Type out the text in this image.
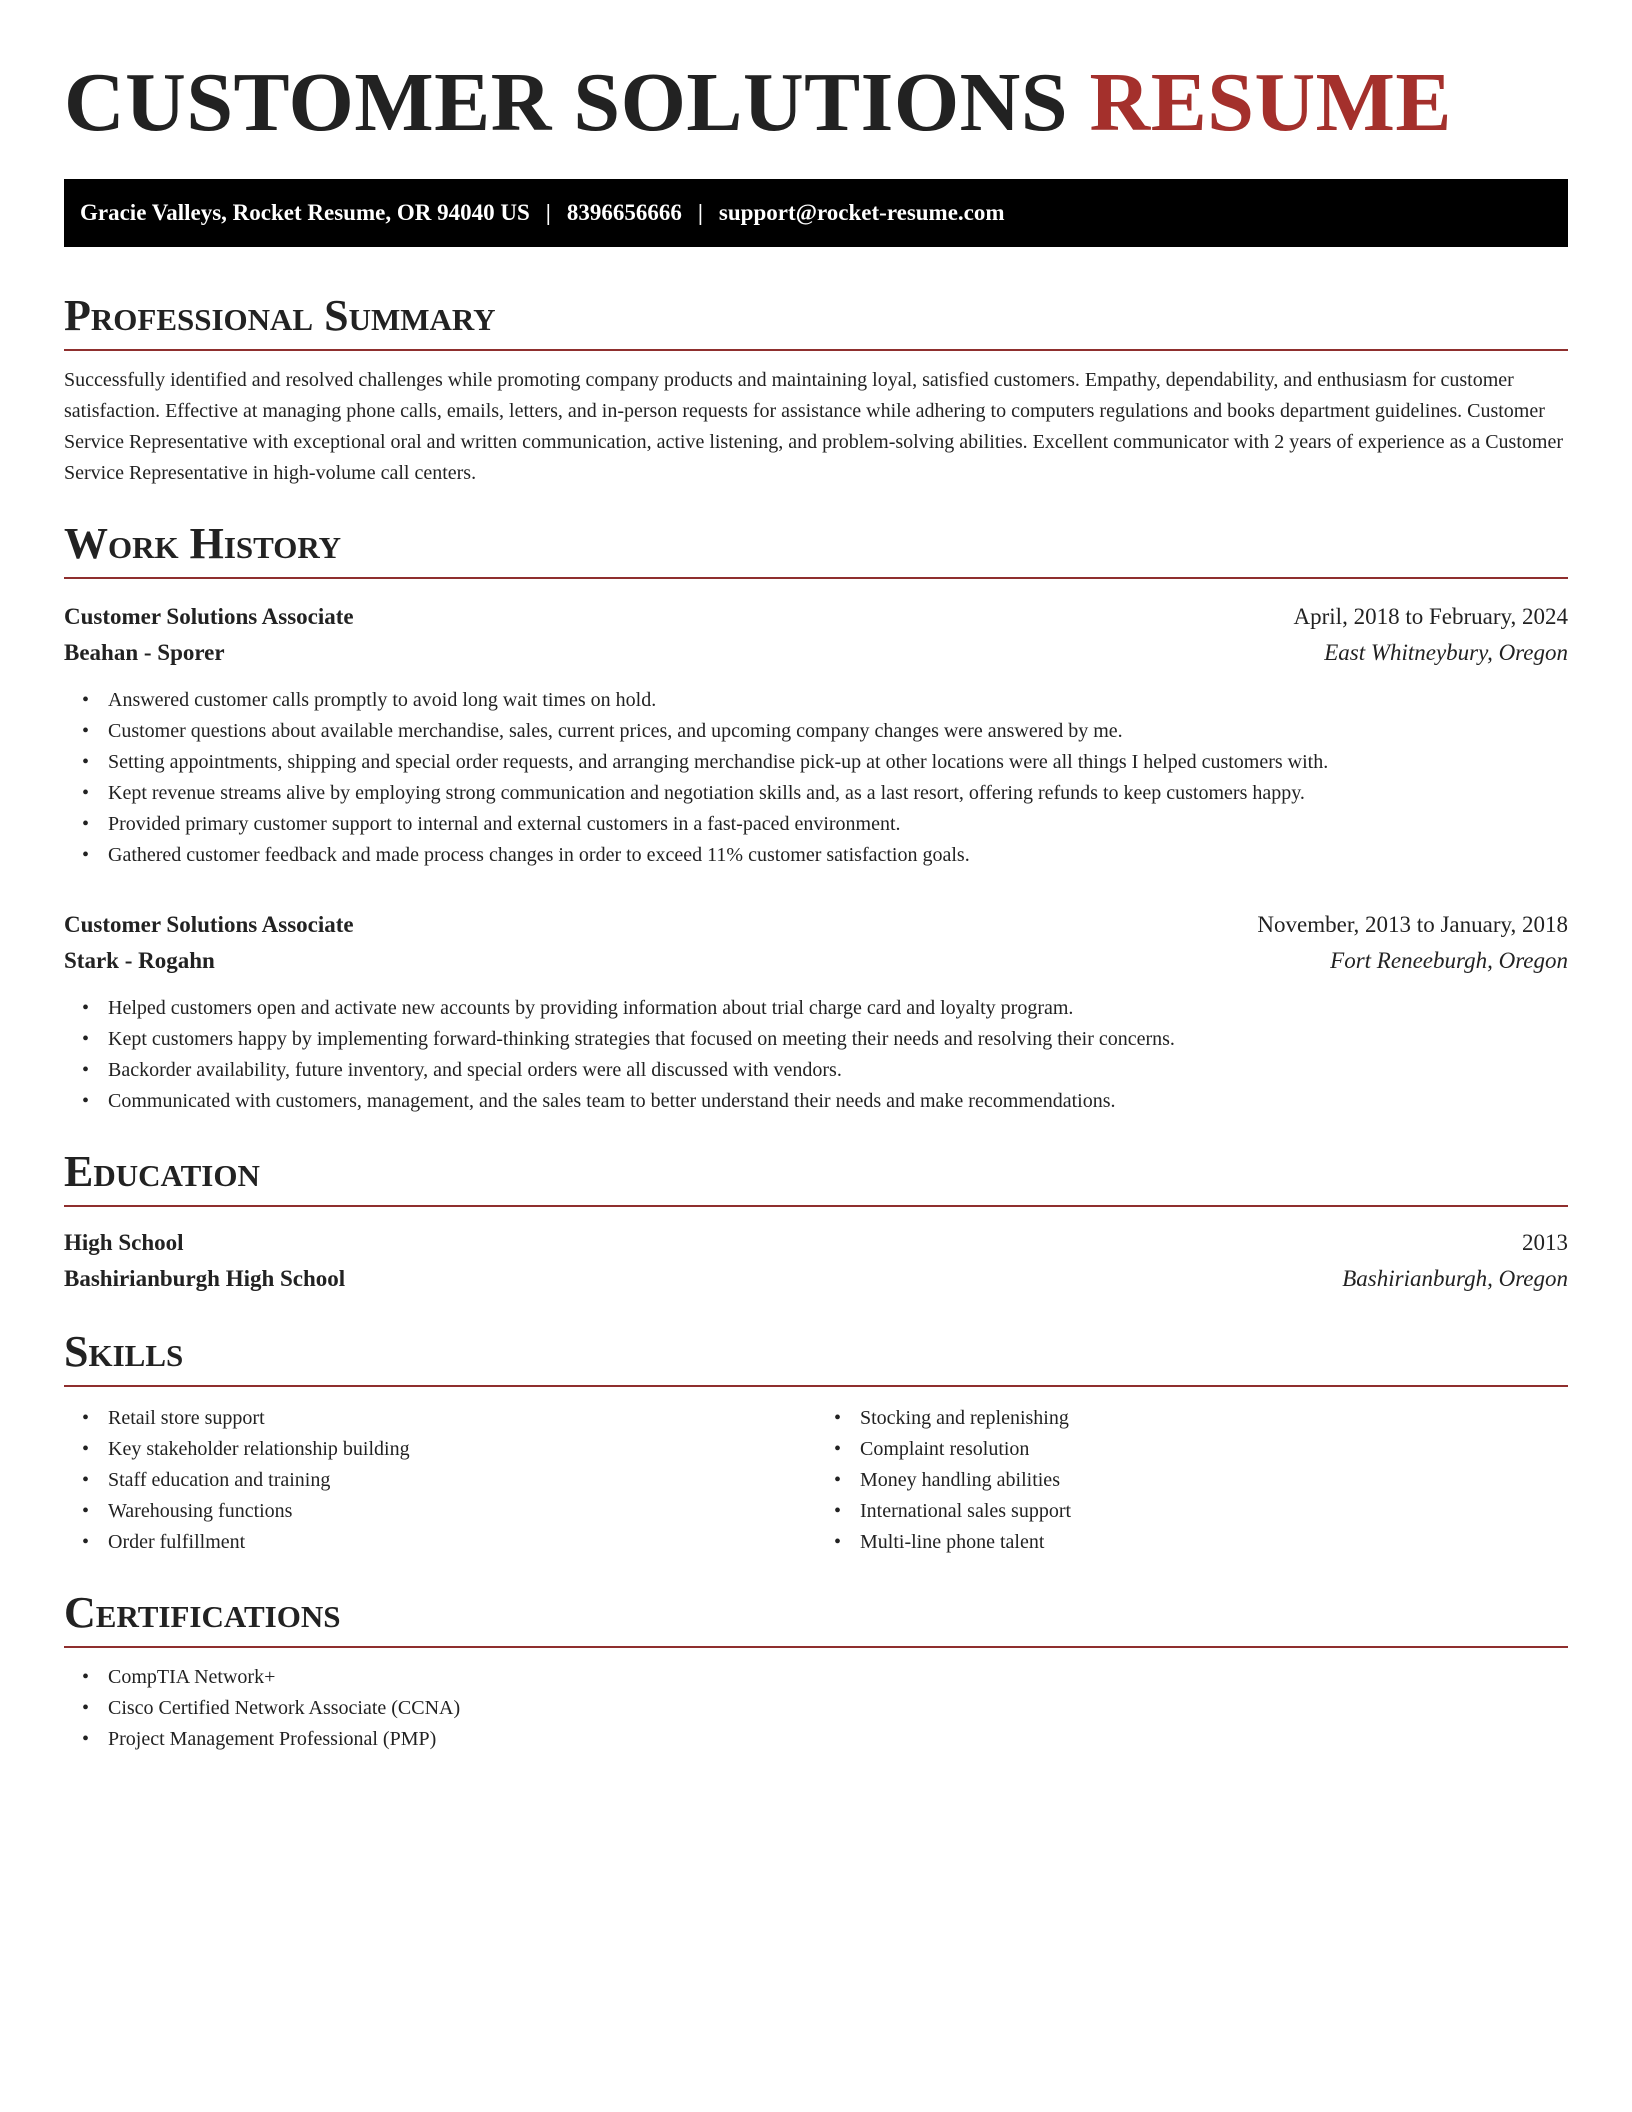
CUSTOMER SOLUTIONS RESUME
Gracie Valleys, Rocket Resume, OR 94040 US | 8396656666 | support@rocket-resume.com
Professional Summary

Successfully identified and resolved challenges while promoting company products and maintaining loyal, satisfied customers. Empathy, dependability, and enthusiasm for customer satisfaction. Effective at managing phone calls, emails, letters, and in-person requests for assistance while adhering to computers regulations and books department guidelines. Customer Service Representative with exceptional oral and written communication, active listening, and problem-solving abilities. Excellent communicator with 2 years of experience as a Customer Service Representative in high-volume call centers.

Work History
Customer Solutions Associate	April, 2018 to February, 2024
Beahan - Sporer	East Whitneybury, Oregon
• Answered customer calls promptly to avoid long wait times on hold.
• Customer questions about available merchandise, sales, current prices, and upcoming company changes were answered by me.
• Setting appointments, shipping and special order requests, and arranging merchandise pick-up at other locations were all things I helped customers with.
• Kept revenue streams alive by employing strong communication and negotiation skills and, as a last resort, offering refunds to keep customers happy.
• Provided primary customer support to internal and external customers in a fast-paced environment.
• Gathered customer feedback and made process changes in order to exceed 11% customer satisfaction goals.
Customer Solutions Associate	November, 2013 to January, 2018
Stark - Rogahn	Fort Reneeburgh, Oregon
• Helped customers open and activate new accounts by providing information about trial charge card and loyalty program.
• Kept customers happy by implementing forward-thinking strategies that focused on meeting their needs and resolving their concerns.
• Backorder availability, future inventory, and special orders were all discussed with vendors.
• Communicated with customers, management, and the sales team to better understand their needs and make recommendations.
Education
High School	2013
Bashirianburgh High School	Bashirianburgh, Oregon
Skills
• Retail store support
• Key stakeholder relationship building
• Staff education and training
• Warehousing functions
• Order fulfillment
• Stocking and replenishing
• Complaint resolution
• Money handling abilities
• International sales support
• Multi-line phone talent
Certifications
• CompTIA Network+
• Cisco Certified Network Associate (CCNA)
• Project Management Professional (PMP)
